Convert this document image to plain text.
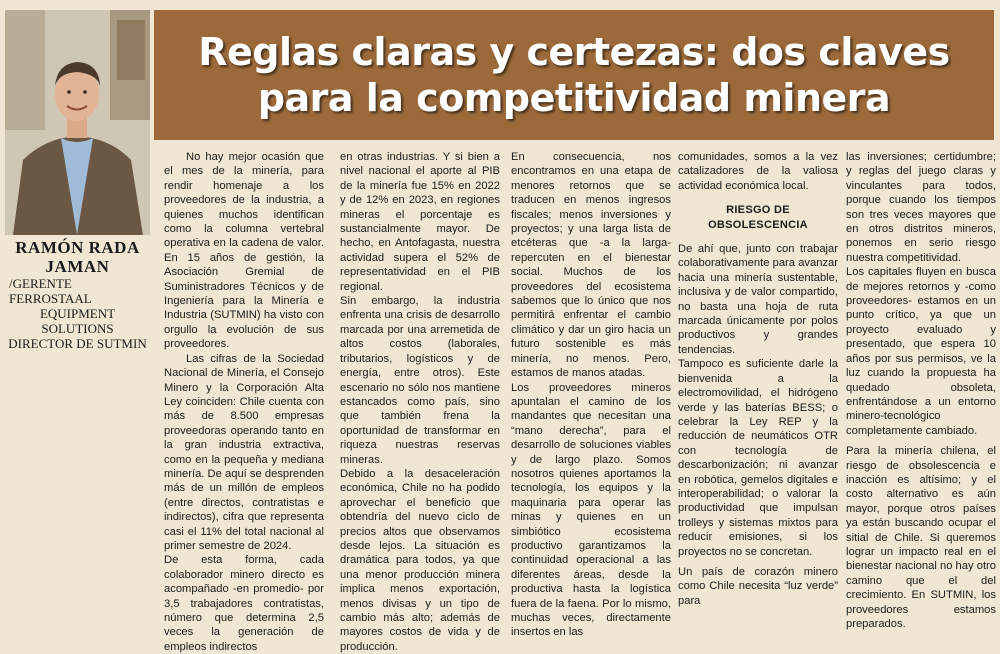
RAMÓN RADA
JAMAN
/GERENTE FERROSTAAL
EQUIPMENT SOLUTIONS
DIRECTOR DE SUTMIN
Reglas claras y certezas: dos claves
para la competitividad minera

No hay mejor ocasión que el mes de la minería, para rendir homenaje a los proveedores de la industria, a quienes muchos identifican como la columna vertebral operativa en la cadena de valor. En 15 años de gestión, la Asociación Gremial de Suministradores Técnicos y de Ingeniería para la Minería e Industria (SUTMIN) ha visto con orgullo la evolución de sus proveedores.

Las cifras de la Sociedad Nacional de Minería, el Consejo Minero y la Corporación Alta Ley coinciden: Chile cuenta con más de 8.500 empresas proveedoras operando tanto en la gran industria extractiva, como en la pequeña y mediana minería. De aquí se desprenden más de un millón de empleos (entre directos, contratistas e indirectos), cifra que representa casi el 11% del total nacional al primer semestre de 2024.

De esta forma, cada colaborador minero directo es acompañado -en promedio- por 3,5 trabajadores contratistas, número que determina 2,5 veces la generación de empleos indirectos

en otras industrias. Y si bien a nivel nacional el aporte al PIB de la minería fue 15% en 2022 y de 12% en 2023, en regiones mineras el porcentaje es sustancialmente mayor. De hecho, en Antofagasta, nuestra actividad supera el 52% de representatividad en el PIB regional.

Sin embargo, la industria enfrenta una crisis de desarrollo marcada por una arremetida de altos costos (laborales, tributarios, logísticos y de energía, entre otros). Este escenario no sólo nos mantiene estancados como país, sino que también frena la oportunidad de transformar en riqueza nuestras reservas mineras.

Debido a la desaceleración económica, Chile no ha podido aprovechar el beneficio que obtendría del nuevo ciclo de precios altos que observamos desde lejos. La situación es dramática para todos, ya que una menor producción minera implica menos exportación, menos divisas y un tipo de cambio más alto; además de mayores costos de vida y de producción.

En consecuencia, nos encontramos en una etapa de menores retornos que se traducen en menos ingresos fiscales; menos inversiones y proyectos; y una larga lista de etcéteras que -a la larga- repercuten en el bienestar social. Muchos de los proveedores del ecosistema sabemos que lo único que nos permitirá enfrentar el cambio climático y dar un giro hacia un futuro sostenible es más minería, no menos. Pero, estamos de manos atadas.

Los proveedores mineros apuntalan el camino de los mandantes que necesitan una “mano derecha”, para el desarrollo de soluciones viables y de largo plazo. Somos nosotros quienes aportamos la tecnología, los equipos y la maquinaria para operar las minas y quienes en un simbiótico ecosistema productivo garantizamos la continuidad operacional a las diferentes áreas, desde la productiva hasta la logística fuera de la faena. Por lo mismo, muchas veces, directamente insertos en las

comunidades, somos a la vez catalizadores de la valiosa actividad económica local.

RIESGO DE OBSOLESCENCIA

De ahí que, junto con trabajar colaborativamente para avanzar hacia una minería sustentable, inclusiva y de valor compartido, no basta una hoja de ruta marcada únicamente por polos productivos y grandes tendencias.

Tampoco es suficiente darle la bienvenida a la electromovilidad, el hidrógeno verde y las baterías BESS; o celebrar la Ley REP y la reducción de neumáticos OTR con tecnología de descarbonización; ni avanzar en robótica, gemelos digitales e interoperabilidad; o valorar la productividad que impulsan trolleys y sistemas mixtos para reducir emisiones, si los proyectos no se concretan.

Un país de corazón minero como Chile necesita “luz verde” para

las inversiones; certidumbre; y reglas del juego claras y vinculantes para todos, porque cuando los tiempos son tres veces mayores que en otros distritos mineros, ponemos en serio riesgo nuestra competitividad.

Los capitales fluyen en busca de mejores retornos y -como proveedores- estamos en un punto crítico, ya que un proyecto evaluado y presentado, que espera 10 años por sus permisos, ve la luz cuando la propuesta ha quedado obsoleta, enfrentándose a un entorno minero-tecnológico completamente cambiado.

Para la minería chilena, el riesgo de obsolescencia e inacción es altísimo; y el costo alternativo es aún mayor, porque otros países ya están buscando ocupar el sitial de Chile. Si queremos lograr un impacto real en el bienestar nacional no hay otro camino que el del crecimiento. En SUTMIN, los proveedores estamos preparados.
